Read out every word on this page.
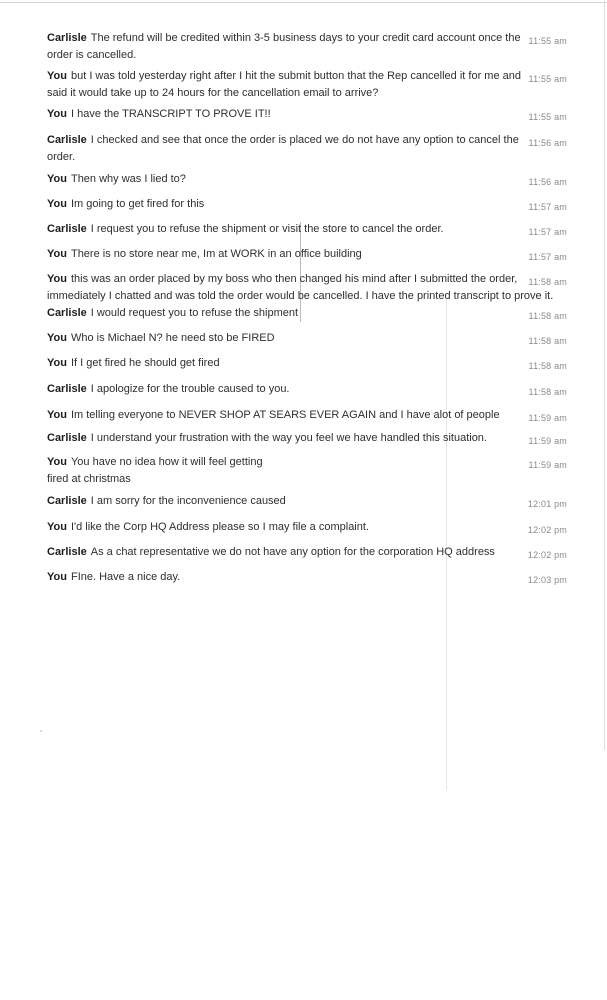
Carlisle The refund will be credited within 3-5 business days to your credit card account once the order is cancelled.
11:55 am
You but I was told yesterday right after I hit the submit button that the Rep cancelled it for me and said it would take up to 24 hours for the cancellation email to arrive?
11:55 am
You I have the TRANSCRIPT TO PROVE IT!!	11:55 am
Carlisle I checked and see that once the order is placed we do not have any option to cancel the order.
11:56 am
You Then why was I lied to?	11:56 am
You Im going to get fired for this	11:57 am
Carlisle I request you to refuse the shipment or visit the store to cancel the order.	11:57 am
You There is no store near me, Im at WORK in an office building	11:57 am
You this was an order placed by my boss who then changed his mind after I submitted the order, immediately I chatted and was told the order would be cancelled. I have the printed transcript to prove it.
11:58 am
Carlisle I would request you to refuse the shipment	11:58 am
You Who is Michael N? he need sto be FIRED	11:58 am
You If I get fired he should get fired	11:58 am
Carlisle I apologize for the trouble caused to you.	11:58 am
You Im telling everyone to NEVER SHOP AT SEARS EVER AGAIN and I have alot of people	11:59 am
Carlisle I understand your frustration with the way you feel we have handled this situation.	11:59 am
You You have no idea how it will feel getting fired at christmas
11:59 am
Carlisle I am sorry for the inconvenience caused	12:01 pm
You I'd like the Corp HQ Address please so I may file a complaint.	12:02 pm
Carlisle As a chat representative we do not have any option for the corporation HQ address	12:02 pm
You FIne. Have a nice day.	12:03 pm
